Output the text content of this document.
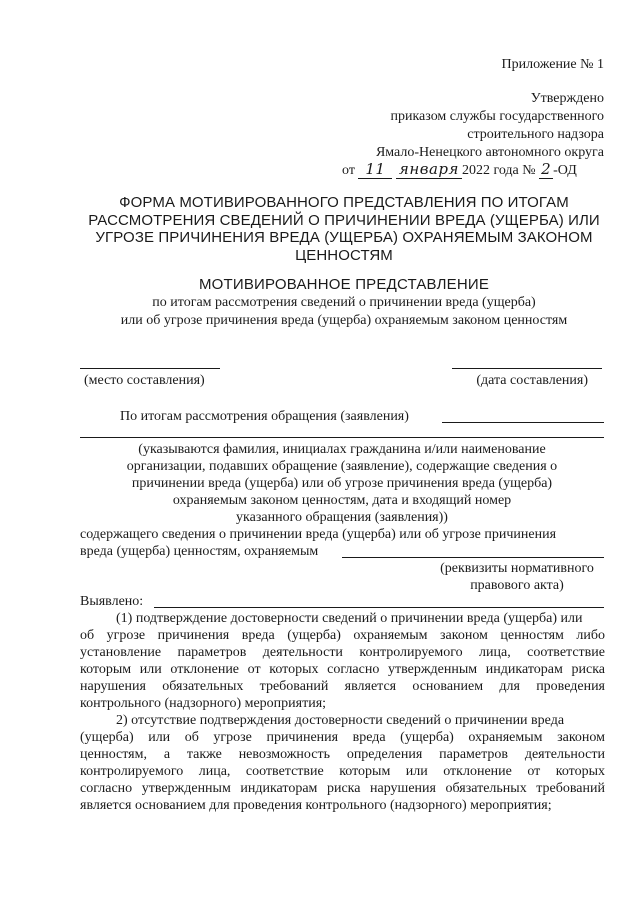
Приложение № 1
Утверждено
приказом службы государственного
строительного надзора
Ямало-Ненецкого автономного округа
от 11 января 2022 года № 2 -ОД
ФОРМА МОТИВИРОВАННОГО ПРЕДСТАВЛЕНИЯ ПО ИТОГАМ
РАССМОТРЕНИЯ СВЕДЕНИЙ О ПРИЧИНЕНИИ ВРЕДА (УЩЕРБА) ИЛИ
УГРОЗЕ ПРИЧИНЕНИЯ ВРЕДА (УЩЕРБА) ОХРАНЯЕМЫМ ЗАКОНОМ
ЦЕННОСТЯМ
МОТИВИРОВАННОЕ ПРЕДСТАВЛЕНИЕ
по итогам рассмотрения сведений о причинении вреда (ущерба)
или об угрозе причинения вреда (ущерба) охраняемым законом ценностям
(место составления)	(дата составления)
По итогам рассмотрения обращения (заявления)
(указываются фамилия, инициалах гражданина и/или наименование
организации, подавших обращение (заявление), содержащие сведения о
причинении вреда (ущерба) или об угрозе причинения вреда (ущерба)
охраняемым законом ценностям, дата и входящий номер
указанного обращения (заявления))
содержащего сведения о причинении вреда (ущерба) или об угрозе причинения
вреда (ущерба) ценностям, охраняемым
(реквизиты нормативного
правового акта)
Выявлено:
(1) подтверждение достоверности сведений о причинении вреда (ущерба) или
об угрозе причинения вреда (ущерба) охраняемым законом ценностям либо
установление параметров деятельности контролируемого лица, соответствие
которым или отклонение от которых согласно утвержденным индикаторам риска
нарушения обязательных требований является основанием для проведения
контрольного (надзорного) мероприятия;
2) отсутствие подтверждения достоверности сведений о причинении вреда
(ущерба) или об угрозе причинения вреда (ущерба) охраняемым законом
ценностям, а также невозможность определения параметров деятельности
контролируемого лица, соответствие которым или отклонение от которых
согласно утвержденным индикаторам риска нарушения обязательных требований
является основанием для проведения контрольного (надзорного) мероприятия;
